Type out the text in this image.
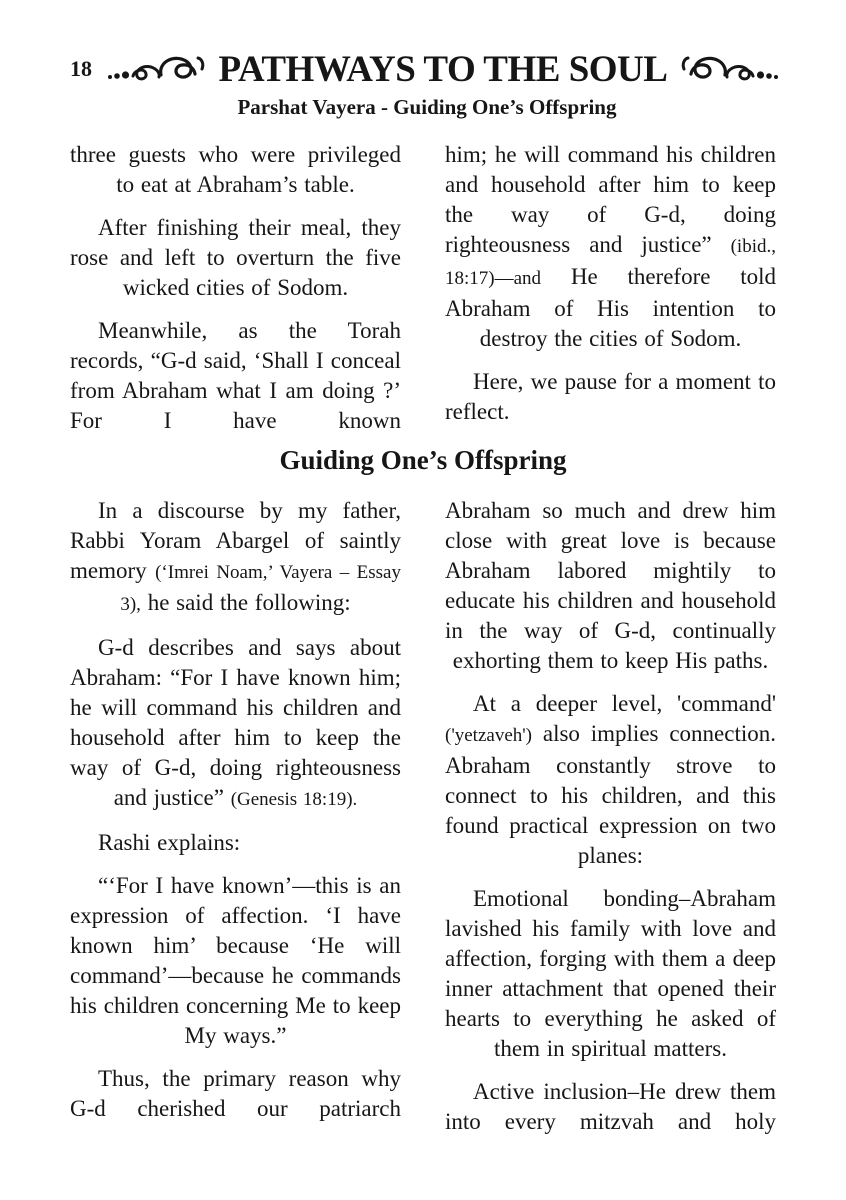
18	PATHWAYS TO THE SOUL
Parshat Vayera - Guiding One’s Offspring

three guests who were privileged to eat at Abraham’s table.

After finishing their meal, they rose and left to overturn the five wicked cities of Sodom.

Meanwhile, as the Torah records, “G-d said, ‘Shall I conceal from Abraham what I am doing ?’ For I have known

him; he will command his children and household after him to keep the way of G-d, doing righteousness and justice” (ibid., 18:17)—and He therefore told Abraham of His intention to destroy the cities of Sodom.

Here, we pause for a moment to reflect.

Guiding One’s Offspring

In a discourse by my father, Rabbi Yoram Abargel of saintly memory (‘Imrei Noam,’ Vayera – Essay 3), he said the following:

G-d describes and says about Abraham: “For I have known him; he will command his children and household after him to keep the way of G-d, doing righteousness and justice” (Genesis 18:19).

Rashi explains:

“‘For I have known’—this is an expression of affection. ‘I have known him’ because ‘He will command’—because he commands his children concerning Me to keep My ways.”

Thus, the primary reason why G-d cherished our patriarch

Abraham so much and drew him close with great love is because Abraham labored mightily to educate his children and household in the way of G-d, continually exhorting them to keep His paths.

At a deeper level, 'command' ('yetzaveh') also implies connection. Abraham constantly strove to connect to his children, and this found practical expression on two planes:

Emotional bonding–Abraham lavished his family with love and affection, forging with them a deep inner attachment that opened their hearts to everything he asked of them in spiritual matters.

Active inclusion–He drew them into every mitzvah and holy
